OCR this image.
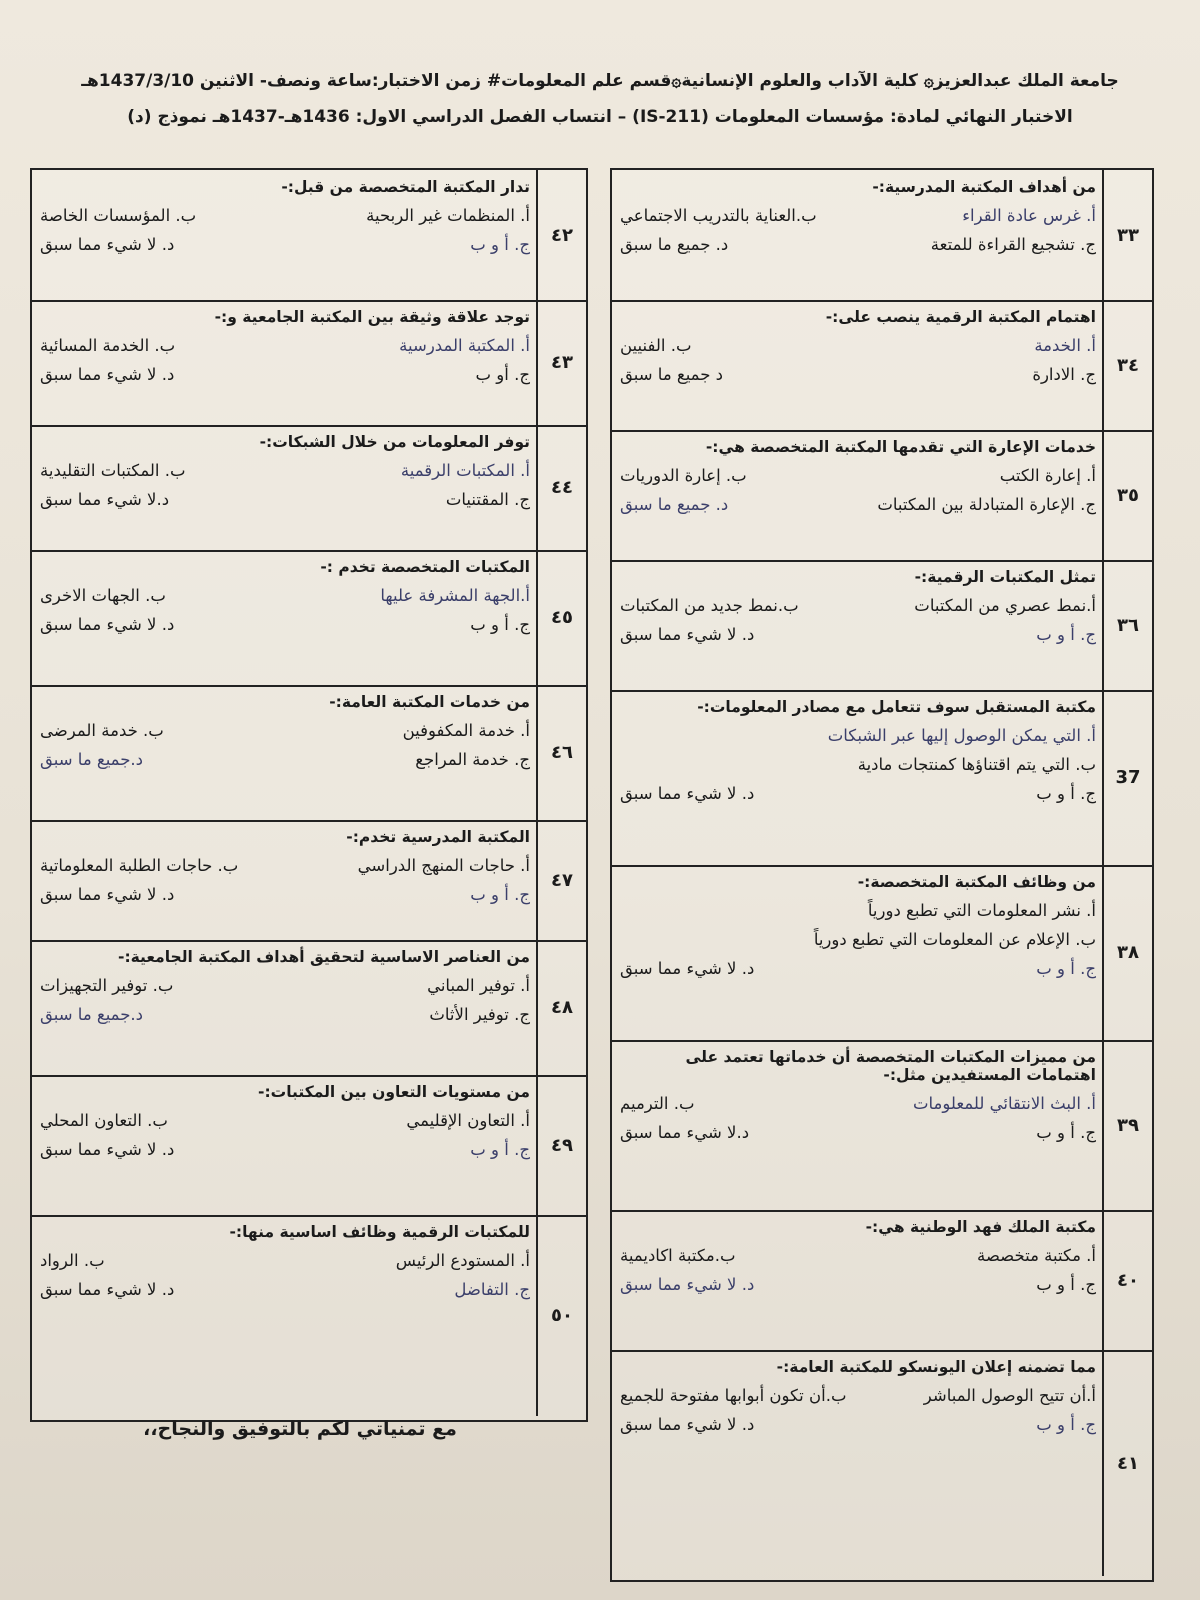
جامعة الملك عبدالعزيز۞ كلية الآداب والعلوم الإنسانية۞قسم علم المعلومات# زمن الاختبار:ساعة ونصف- الاثنين 1437/3/10هـ
الاختبار النهائي لمادة: مؤسسات المعلومات (IS-211) – انتساب الفصل الدراسي الاول: 1436هـ-1437هـ نموذج (د)
٣٣
من أهداف المكتبة المدرسية:-
أ. غرس عادة القراء
ب.العناية بالتدريب الاجتماعي
ج. تشجيع القراءة للمتعة
د. جميع ما سبق
٣٤
اهتمام المكتبة الرقمية ينصب على:-
أ. الخدمة
ب. الفنيين
ج. الادارة
د جميع ما سبق
٣٥
خدمات الإعارة التي تقدمها المكتبة المتخصصة هي:-
أ. إعارة الكتب
ب. إعارة الدوريات
ج. الإعارة المتبادلة بين المكتبات
د. جميع ما سبق
٣٦
تمثل المكتبات الرقمية:-
أ.نمط عصري من المكتبات
ب.نمط جديد من المكتبات
ج. أ و ب
د. لا شيء مما سبق
37
مكتبة المستقبل سوف تتعامل مع مصادر المعلومات:-
أ. التي يمكن الوصول إليها عبر الشبكات
ب. التي يتم اقتناؤها كمنتجات مادية
ج. أ و ب
د. لا شيء مما سبق
٣٨
من وظائف المكتبة المتخصصة:-
أ. نشر المعلومات التي تطبع دورياً
ب. الإعلام عن المعلومات التي تطبع دورياً
ج. أ و ب
د. لا شيء مما سبق
٣٩
من مميزات المكتبات المتخصصة أن خدماتها تعتمد على اهتمامات المستفيدين مثل:-
أ. البث الانتقائي للمعلومات
ب. الترميم
ج. أ و ب
د.لا شيء مما سبق
٤٠
مكتبة الملك فهد الوطنية هي:-
أ. مكتبة متخصصة
ب.مكتبة اكاديمية
ج. أ و ب
د. لا شيء مما سبق
٤١
مما تضمنه إعلان اليونسكو للمكتبة العامة:-
أ.أن تتيح الوصول المباشر
ب.أن تكون أبوابها مفتوحة للجميع
ج. أ و ب
د. لا شيء مما سبق
٤٢
تدار المكتبة المتخصصة من قبل:-
أ. المنظمات غير الربحية
ب. المؤسسات الخاصة
ج. أ و ب
د. لا شيء مما سبق
٤٣
توجد علاقة وثيقة بين المكتبة الجامعية و:-
أ. المكتبة المدرسية
ب. الخدمة المسائية
ج. أو ب
د. لا شيء مما سبق
٤٤
توفر المعلومات من خلال الشبكات:-
أ. المكتبات الرقمية
ب. المكتبات التقليدية
ج. المقتنيات
د.لا شيء مما سبق
٤٥
المكتبات المتخصصة تخدم :-
أ.الجهة المشرفة عليها
ب. الجهات الاخرى
ج. أ و ب
د. لا شيء مما سبق
٤٦
من خدمات المكتبة العامة:-
أ. خدمة المكفوفين
ب. خدمة المرضى
ج. خدمة المراجع
د.جميع ما سبق
٤٧
المكتبة المدرسية تخدم:-
أ. حاجات المنهج الدراسي
ب. حاجات الطلبة المعلوماتية
ج. أ و ب
د. لا شيء مما سبق
٤٨
من العناصر الاساسية لتحقيق أهداف المكتبة الجامعية:-
أ. توفير المباني
ب. توفير التجهيزات
ج. توفير الأثاث
د.جميع ما سبق
٤٩
من مستويات التعاون بين المكتبات:-
أ. التعاون الإقليمي
ب. التعاون المحلي
ج. أ و ب
د. لا شيء مما سبق
٥٠
للمكتبات الرقمية وظائف اساسية منها:-
أ. المستودع الرئيس
ب. الرواد
ج. التفاضل
د. لا شيء مما سبق
مع تمنياتي لكم بالتوفيق والنجاح،،
